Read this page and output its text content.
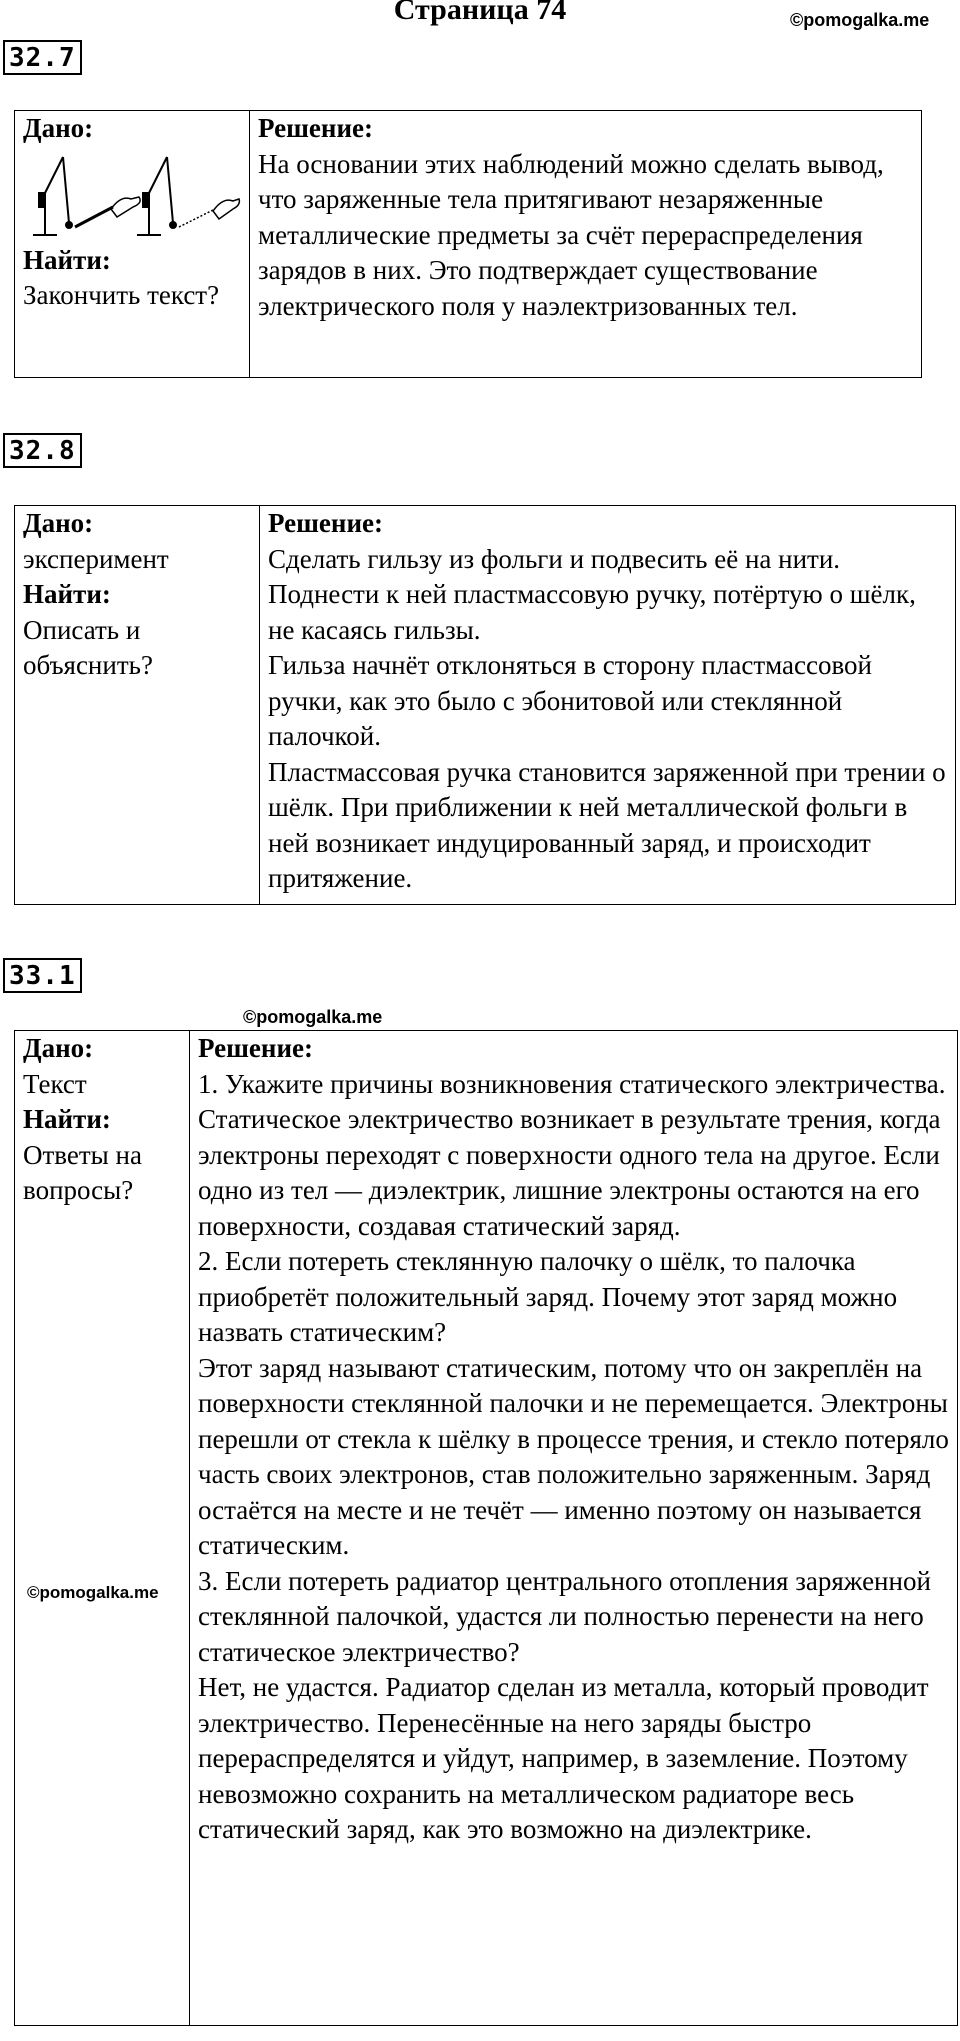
Страница 74	©pomogalka.me
32.7
Дано:
Найти:
Закончить текст?

Решение:
На основании этих наблюдений можно сделать вывод, что заряженные тела притягивают незаряженные металлические предметы за счёт перераспределения зарядов в них. Это подтверждает существование электрического поля у наэлектризованных тел.
32.8
Дано:
эксперимент
Найти:
Описать и объяснить?

Решение:
Сделать гильзу из фольги и подвесить её на нити. Поднести к ней пластмассовую ручку, потёртую о шёлк, не касаясь гильзы.
Гильза начнёт отклоняться в сторону пластмассовой ручки, как это было с эбонитовой или стеклянной палочкой.
Пластмассовая ручка становится заряженной при трении о шёлк. При приближении к ней металлической фольги в ней возникает индуцированный заряд, и происходит притяжение.
33.1
©pomogalka.me
Дано:
Текст
Найти:
Ответы на вопросы?
©pomogalka.me

Решение:
1. Укажите причины возникновения статического электричества.
Статическое электричество возникает в результате трения, когда электроны переходят с поверхности одного тела на другое. Если одно из тел — диэлектрик, лишние электроны остаются на его поверхности, создавая статический заряд.
2. Если потереть стеклянную палочку о шёлк, то палочка приобретёт положительный заряд. Почему этот заряд можно назвать статическим?
Этот заряд называют статическим, потому что он закреплён на поверхности стеклянной палочки и не перемещается. Электроны перешли от стекла к шёлку в процессе трения, и стекло потеряло часть своих электронов, став положительно заряженным. Заряд остаётся на месте и не течёт — именно поэтому он называется статическим.
3. Если потереть радиатор центрального отопления заряженной стеклянной палочкой, удастся ли полностью перенести на него статическое электричество?
Нет, не удастся. Радиатор сделан из металла, который проводит электричество. Перенесённые на него заряды быстро перераспределятся и уйдут, например, в заземление. Поэтому невозможно сохранить на металлическом радиаторе весь статический заряд, как это возможно на диэлектрике.
